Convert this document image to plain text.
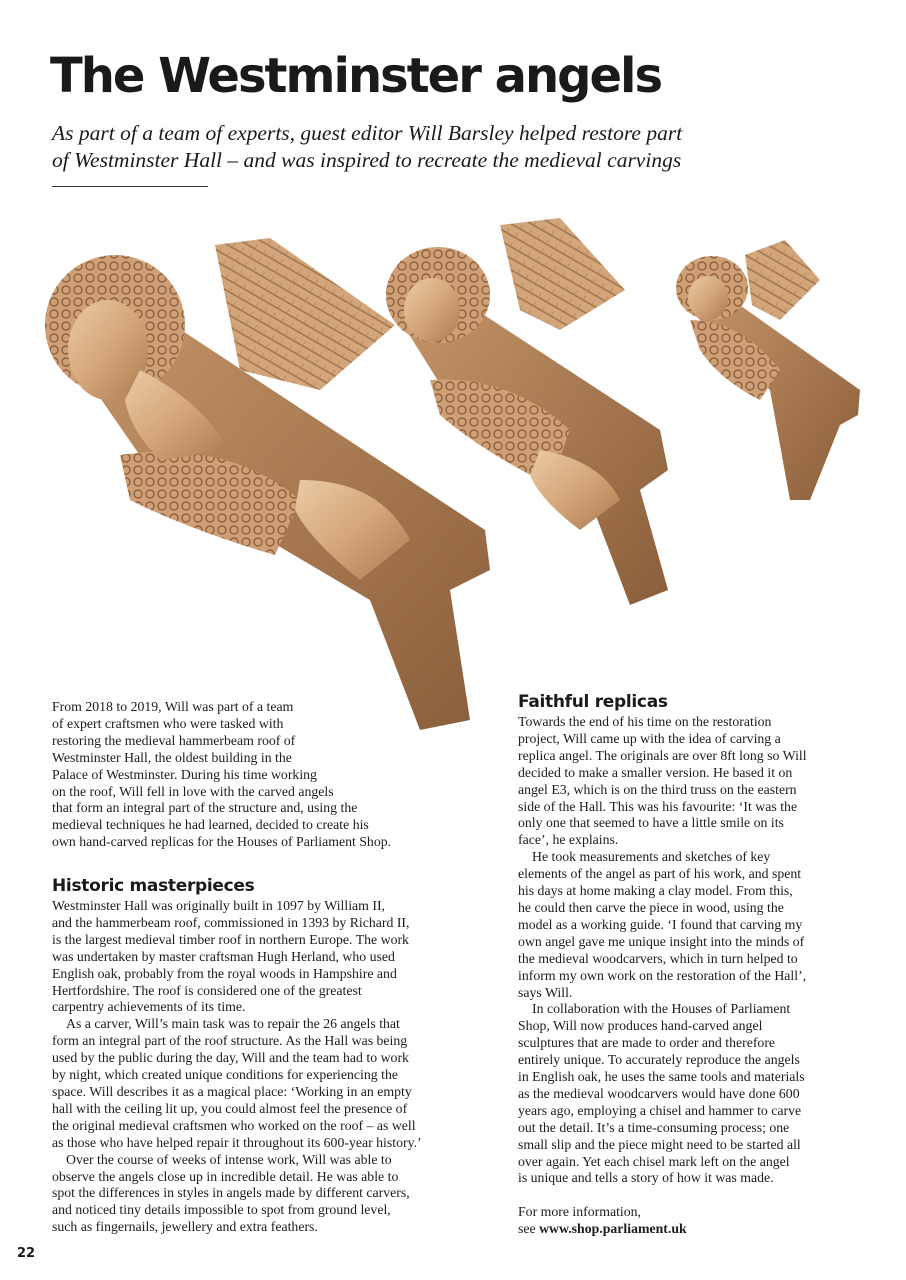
The Westminster angels
As part of a team of experts, guest editor Will Barsley helped restore part
of Westminster Hall – and was inspired to recreate the medieval carvings
From 2018 to 2019, Will was part of a team
of expert craftsmen who were tasked with
restoring the medieval hammerbeam roof of
Westminster Hall, the oldest building in the
Palace of Westminster. During his time working
on the roof, Will fell in love with the carved angels
that form an integral part of the structure and, using the
medieval techniques he had learned, decided to create his
own hand-carved replicas for the Houses of Parliament Shop.
Historic masterpieces
Westminster Hall was originally built in 1097 by William II,
and the hammerbeam roof, commissioned in 1393 by Richard II,
is the largest medieval timber roof in northern Europe. The work
was undertaken by master craftsman Hugh Herland, who used
English oak, probably from the royal woods in Hampshire and
Hertfordshire. The roof is considered one of the greatest
carpentry achievements of its time.
As a carver, Will’s main task was to repair the 26 angels that
form an integral part of the roof structure. As the Hall was being
used by the public during the day, Will and the team had to work
by night, which created unique conditions for experiencing the
space. Will describes it as a magical place: ‘Working in an empty
hall with the ceiling lit up, you could almost feel the presence of
the original medieval craftsmen who worked on the roof – as well
as those who have helped repair it throughout its 600-year history.’
Over the course of weeks of intense work, Will was able to
observe the angels close up in incredible detail. He was able to
spot the differences in styles in angels made by different carvers,
and noticed tiny details impossible to spot from ground level,
such as fingernails, jewellery and extra feathers.
Faithful replicas
Towards the end of his time on the restoration
project, Will came up with the idea of carving a
replica angel. The originals are over 8ft long so Will
decided to make a smaller version. He based it on
angel E3, which is on the third truss on the eastern
side of the Hall. This was his favourite: ‘It was the
only one that seemed to have a little smile on its
face’, he explains.
He took measurements and sketches of key
elements of the angel as part of his work, and spent
his days at home making a clay model. From this,
he could then carve the piece in wood, using the
model as a working guide. ‘I found that carving my
own angel gave me unique insight into the minds of
the medieval woodcarvers, which in turn helped to
inform my own work on the restoration of the Hall’,
says Will.
In collaboration with the Houses of Parliament
Shop, Will now produces hand-carved angel
sculptures that are made to order and therefore
entirely unique. To accurately reproduce the angels
in English oak, he uses the same tools and materials
as the medieval woodcarvers would have done 600
years ago, employing a chisel and hammer to carve
out the detail. It’s a time-consuming process; one
small slip and the piece might need to be started all
over again. Yet each chisel mark left on the angel
is unique and tells a story of how it was made.
For more information,
see www.shop.parliament.uk
22
